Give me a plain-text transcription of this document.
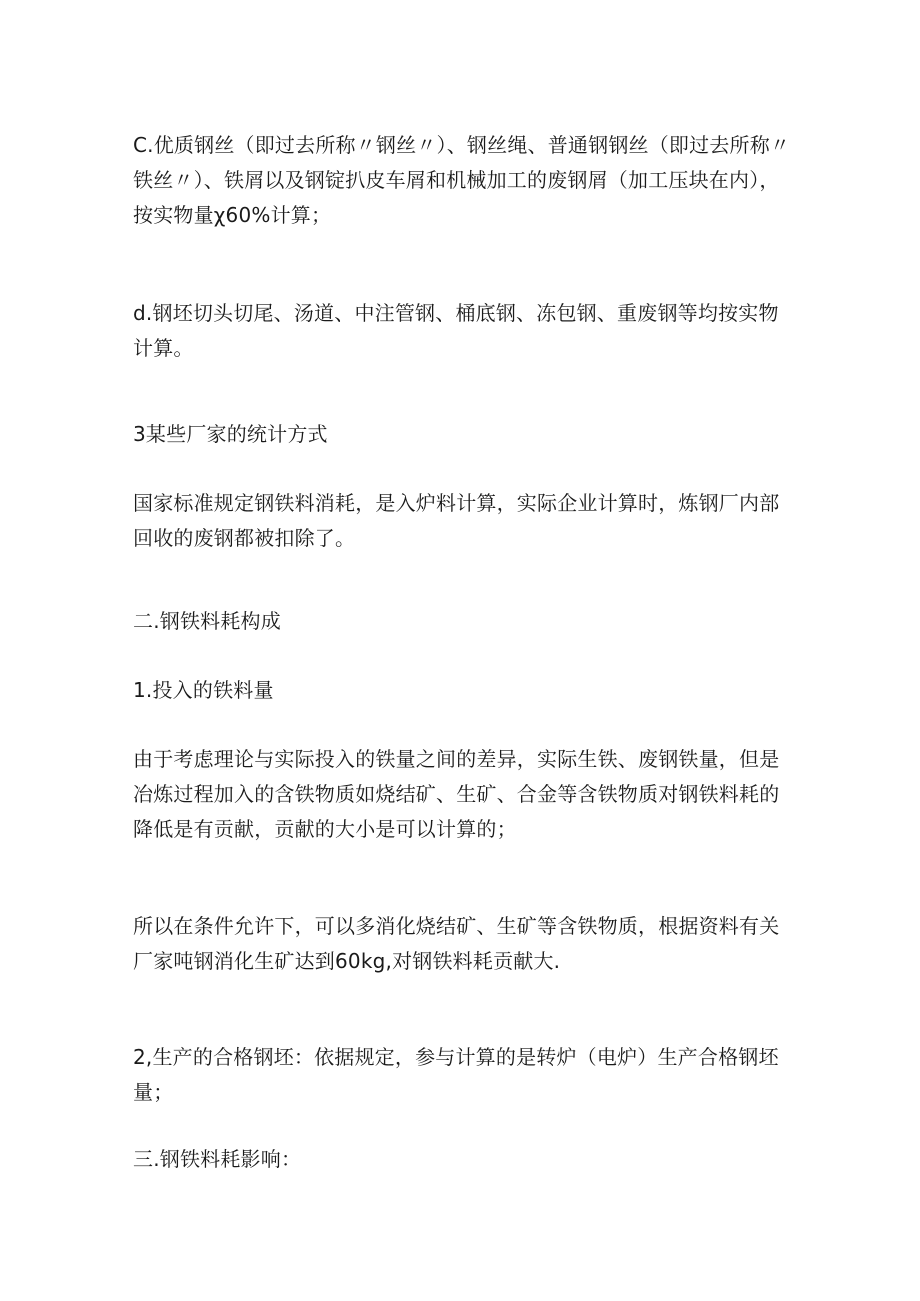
C.优质钢丝（即过去所称〃钢丝〃）、钢丝绳、普通钢钢丝（即过去所称〃铁丝〃）、铁屑以及钢锭扒皮车屑和机械加工的废钢屑（加工压块在内），按实物量χ60%计算；

d.钢坯切头切尾、汤道、中注管钢、桶底钢、冻包钢、重废钢等均按实物计算。

3某些厂家的统计方式

国家标准规定钢铁料消耗，是入炉料计算，实际企业计算时，炼钢厂内部回收的废钢都被扣除了。

二.钢铁料耗构成

1.投入的铁料量

由于考虑理论与实际投入的铁量之间的差异，实际生铁、废钢铁量，但是冶炼过程加入的含铁物质如烧结矿、生矿、合金等含铁物质对钢铁料耗的降低是有贡献，贡献的大小是可以计算的；

所以在条件允许下，可以多消化烧结矿、生矿等含铁物质，根据资料有关厂家吨钢消化生矿达到60kg,对钢铁料耗贡献大.

2,生产的合格钢坯：依据规定，参与计算的是转炉（电炉）生产合格钢坯量；

三.钢铁料耗影响：
